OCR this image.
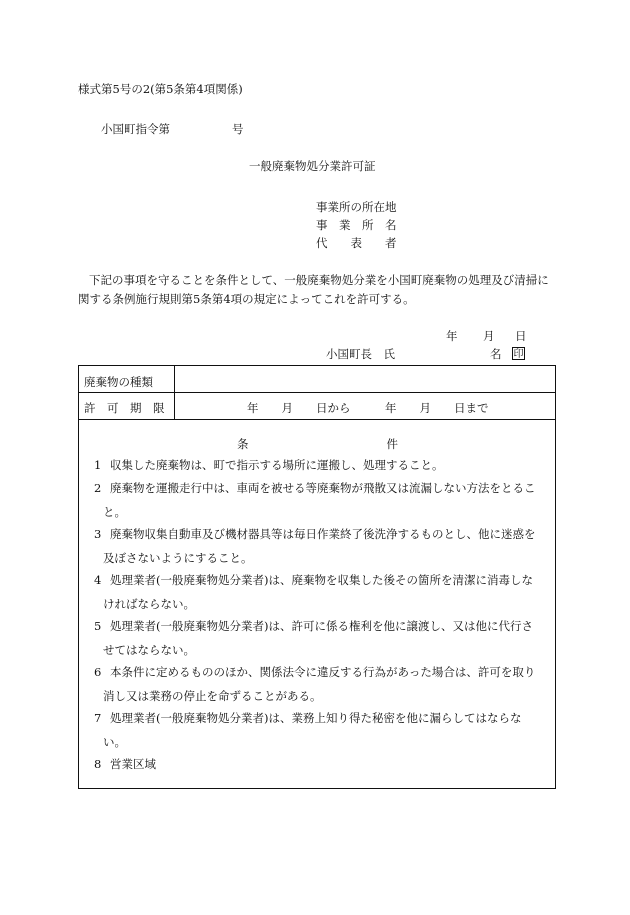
様式第5号の2(第5条第4項関係)
小国町指令第	号
一般廃棄物処分業許可証
事業所の所在地
事　業　所　名
代　　表　　者
下記の事項を守ることを条件として、一般廃棄物処分業を小国町廃棄物の処理及び清掃に関する条例施行規則第5条第4項の規定によってこれを許可する。
年 月 日
小国町長　氏	名 印
廃棄物の種類
許　可　期　限	年　　月　　日から　　　年　　月　　日まで
条　　　　　　　　　　　　件
1 収集した廃棄物は、町で指示する場所に運搬し、処理すること。
2 廃棄物を運搬走行中は、車両を被せる等廃棄物が飛散又は流漏しない方法をとるこ
と。
3 廃棄物収集自動車及び機材器具等は毎日作業終了後洗浄するものとし、他に迷惑を
及ぼさないようにすること。
4 処理業者(一般廃棄物処分業者)は、廃棄物を収集した後その箇所を清潔に消毒しな
ければならない。
5 処理業者(一般廃棄物処分業者)は、許可に係る権利を他に譲渡し、又は他に代行さ
せてはならない。
6 本条件に定めるもののほか、関係法令に違反する行為があった場合は、許可を取り
消し又は業務の停止を命ずることがある。
7 処理業者(一般廃棄物処分業者)は、業務上知り得た秘密を他に漏らしてはならな
い。
8 営業区域
